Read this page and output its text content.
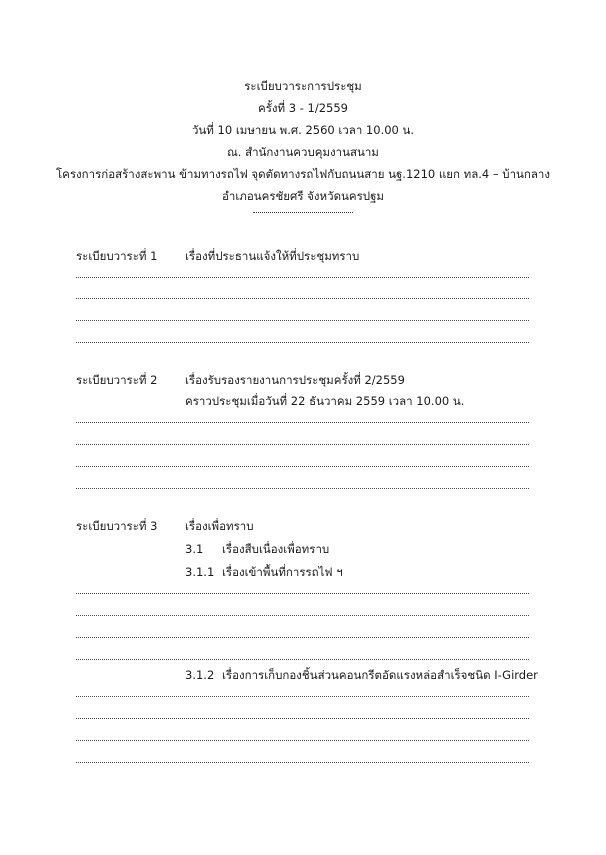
ระเบียบวาระการประชุม
ครั้งที่ 3 - 1/2559
วันที่ 10 เมษายน พ.ศ. 2560 เวลา 10.00 น.
ณ. สำนักงานควบคุมงานสนาม
โครงการก่อสร้างสะพาน ข้ามทางรถไฟ จุดตัดทางรถไฟกับถนนสาย นฐ.1210 แยก ทล.4 – บ้านกลาง
อำเภอนครชัยศรี จังหวัดนครปฐม
ระเบียบวาระที่ 1 เรื่องที่ประธานแจ้งให้ที่ประชุมทราบ
ระเบียบวาระที่ 2 เรื่องรับรองรายงานการประชุมครั้งที่ 2/2559
คราวประชุมเมื่อวันที่ 22 ธันวาคม 2559 เวลา 10.00 น.
ระเบียบวาระที่ 3 เรื่องเพื่อทราบ
3.1 เรื่องสืบเนื่องเพื่อทราบ
3.1.1 เรื่องเข้าพื้นที่การรถไฟ ฯ
3.1.2 เรื่องการเก็บกองชิ้นส่วนคอนกรีตอัดแรงหล่อสำเร็จชนิด I-Girder
